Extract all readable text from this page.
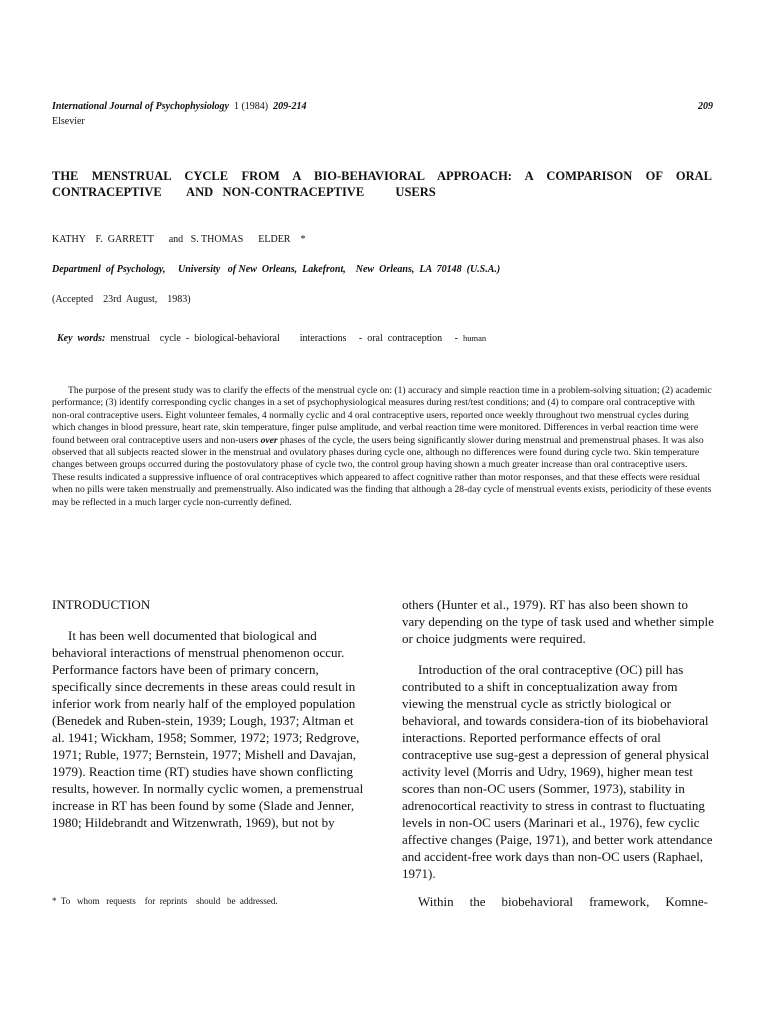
International Journal of Psychophysiology  1 (1984)  209-214	209
Elsevier
THE MENSTRUAL CYCLE FROM A BIO-BEHAVIORAL APPROACH: A COMPARISON OF ORAL
CONTRACEPTIVE        AND   NON-CONTRACEPTIVE          USERS
KATHY    F.  GARRETT      and   S. THOMAS      ELDER    *
Departmenl  of Psychology,     University   of New  Orleans,  Lakefront,    New  Orleans,  LA  70148  (U.S.A.)
(Accepted    23rd  August,    1983)

Key  words:  menstrual    cycle  -  biological-behavioral        interactions     -  oral  contraception     -  human

The purpose of the present study was to clarify the effects of the menstrual cycle on: (1) accuracy and simple reaction time in a problem-solving situation; (2) academic performance; (3) identify corresponding cyclic changes in a set of psychophysiological measures during rest/test conditions; and (4) to compare oral contraceptive with non-oral contraceptive users. Eight volunteer females, 4 normally cyclic and 4 oral contraceptive users, reported once weekly throughout two menstrual cycles during which changes in blood pressure, heart rate, skin temperature, finger pulse amplitude, and verbal reaction time were monitored. Differences in verbal reaction time were found between oral contraceptive users and non-users over phases of the cycle, the users being significantly slower during menstrual and premenstrual phases. It was also observed that all subjects reacted slower in the menstrual and ovulatory phases during cycle one, although no differences were found during cycle two. Skin temperature changes between groups occurred during the postovulatory phase of cycle two, the control group having shown a much greater increase than oral contraceptive users. These results indicated a suppressive influence of oral contraceptives which appeared to affect cognitive rather than motor responses, and that these effects were residual when no pills were taken menstrually and premenstrually. Also indicated was the finding that although a 28-day cycle of menstrual events exists, periodicity of these events may be reflected in a much larger cycle non-currently defined.
INTRODUCTION
It has been well documented that biological and behavioral interactions of menstrual phenomenon occur. Performance factors have been of primary concern, specifically since decrements in these areas could result in inferior work from nearly half of the employed population (Benedek and Ruben-stein, 1939; Lough, 1937; Altman et al. 1941; Wickham, 1958; Sommer, 1972; 1973; Redgrove, 1971; Ruble, 1977; Bernstein, 1977; Mishell and Davajan, 1979). Reaction time (RT) studies have shown conflicting results, however. In normally cyclic women, a premenstrual increase in RT has been found by some (Slade and Jenner, 1980; Hildebrandt and Witzenwrath, 1969), but not by
others (Hunter et al., 1979). RT has also been shown to vary depending on the type of task used and whether simple or choice judgments were required.
Introduction of the oral contraceptive (OC) pill has contributed to a shift in conceptualization away from viewing the menstrual cycle as strictly biological or behavioral, and towards considera-tion of its biobehavioral interactions. Reported performance effects of oral contraceptive use sug-gest a depression of general physical activity level (Morris and Udry, 1969), higher mean test scores than non-OC users (Sommer, 1973), stability in adrenocortical reactivity to stress in contrast to fluctuating levels in non-OC users (Marinari et al., 1976), few cyclic affective changes (Paige, 1971), and better work attendance and accident-free work days than non-OC users (Raphael, 1971).
*  To   whom   requests    for  reprints    should   be  addressed.	Within the biobehavioral framework, Komne-
